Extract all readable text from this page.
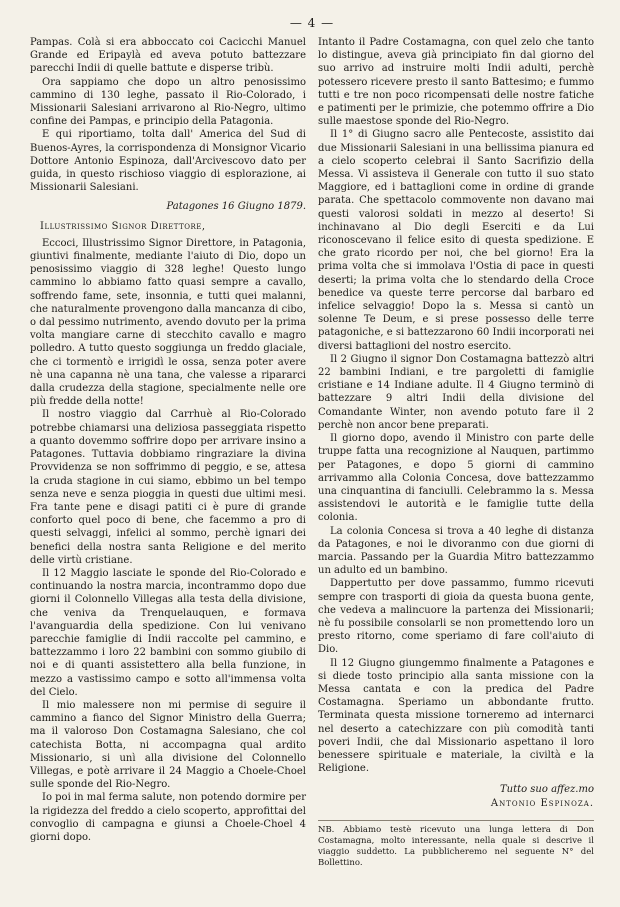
— 4 —

Pampas. Colà si era abboccato coi Cacicchi Manuel Grande ed Eripaylà ed aveva potuto battezzare parecchi Indii di quelle battute e disperse tribù.

Ora sappiamo che dopo un altro penosissimo cammino di 130 leghe, passato il Rio-Colorado, i Missionarii Salesiani arrivarono al Rio-Negro, ultimo confine dei Pampas, e principio della Patagonia.

E qui riportiamo, tolta dall' America del Sud di Buenos-Ayres, la corrispondenza di Monsignor Vicario Dottore Antonio Espinoza, dall'Arcivescovo dato per guida, in questo rischioso viaggio di esplorazione, ai Missionarii Salesiani.

Patagones 16 Giugno 1879.

Illustrissimo Signor Direttore,

Eccoci, Illustrissimo Signor Direttore, in Patagonia, giuntivi finalmente, mediante l'aiuto di Dio, dopo un penosissimo viaggio di 328 leghe! Questo lungo cammino lo abbiamo fatto quasi sempre a cavallo, soffrendo fame, sete, insonnia, e tutti quei malanni, che naturalmente provengono dalla mancanza di cibo, o dal pessimo nutrimento, avendo dovuto per la prima volta mangiare carne di stecchito cavallo e magro polledro. A tutto questo soggiunga un freddo glaciale, che ci tormentò e irrigidì le ossa, senza poter avere nè una capanna nè una tana, che valesse a ripararci dalla crudezza della stagione, specialmente nelle ore più fredde della notte!

Il nostro viaggio dal Carrhuè al Rio-Colorado potrebbe chiamarsi una deliziosa passeggiata rispetto a quanto dovemmo soffrire dopo per arrivare insino a Patagones. Tuttavia dobbiamo ringraziare la divina Provvidenza se non soffrimmo di peggio, e se, attesa la cruda stagione in cui siamo, ebbimo un bel tempo senza neve e senza pioggia in questi due ultimi mesi. Fra tante pene e disagi patiti ci è pure di grande conforto quel poco di bene, che facemmo a pro di questi selvaggi, infelici al sommo, perchè ignari dei benefici della nostra santa Religione e del merito delle virtù cristiane.

Il 12 Maggio lasciate le sponde del Rio-Colorado e continuando la nostra marcia, incontrammo dopo due giorni il Colonnello Villegas alla testa della divisione, che veniva da Trenquelauquen, e formava l'avanguardia della spedizione. Con lui venivano parecchie famiglie di Indii raccolte pel cammino, e battezzammo i loro 22 bambini con sommo giubilo di noi e di quanti assistettero alla bella funzione, in mezzo a vastissimo campo e sotto all'immensa volta del Cielo.

Il mio malessere non mi permise di seguire il cammino a fianco del Signor Ministro della Guerra; ma il valoroso Don Costamagna Salesiano, che col catechista Botta, ni accompagna qual ardito Missionario, si unì alla divisione del Colonnello Villegas, e potè arrivare il 24 Maggio a Choele-Choel sulle sponde del Rio-Negro.

Io poi in mal ferma salute, non potendo dormire per la rigidezza del freddo a cielo scoperto, approfittai del convoglio di campagna e giunsi a Choele-Choel 4 giorni dopo.

Intanto il Padre Costamagna, con quel zelo che tanto lo distingue, aveva già principiato fin dal giorno del suo arrivo ad instruire molti Indii adulti, perchè potessero ricevere presto il santo Battesimo; e fummo tutti e tre non poco ricompensati delle nostre fatiche e patimenti per le primizie, che potemmo offrire a Dio sulle maestose sponde del Rio-Negro.

Il 1° di Giugno sacro alle Pentecoste, assistito dai due Missionarii Salesiani in una bellissima pianura ed a cielo scoperto celebrai il Santo Sacrifizio della Messa. Vi assisteva il Generale con tutto il suo stato Maggiore, ed i battaglioni come in ordine di grande parata. Che spettacolo commovente non davano mai questi valorosi soldati in mezzo al deserto! Si inchinavano al Dio degli Eserciti e da Lui riconoscevano il felice esito di questa spedizione. E che grato ricordo per noi, che bel giorno! Era la prima volta che si immolava l'Ostia di pace in questi deserti; la prima volta che lo stendardo della Croce benedice va queste terre percorse dal barbaro ed infelice selvaggio! Dopo la s. Messa si cantò un solenne Te Deum, e si prese possesso delle terre patagoniche, e si battezzarono 60 Indii incorporati nei diversi battaglioni del nostro esercito.

Il 2 Giugno il signor Don Costamagna battezzò altri 22 bambini Indiani, e tre pargoletti di famiglie cristiane e 14 Indiane adulte. Il 4 Giugno terminò di battezzare 9 altri Indii della divisione del Comandante Winter, non avendo potuto fare il 2 perchè non ancor bene preparati.

Il giorno dopo, avendo il Ministro con parte delle truppe fatta una recognizione al Nauquen, partimmo per Patagones, e dopo 5 giorni di cammino arrivammo alla Colonia Concesa, dove battezzammo una cinquantina di fanciulli. Celebrammo la s. Messa assistendovi le autorità e le famiglie tutte della colonia.

La colonia Concesa si trova a 40 leghe di distanza da Patagones, e noi le divoranmo con due giorni di marcia. Passando per la Guardia Mitro battezzammo un adulto ed un bambino.

Dappertutto per dove passammo, fummo ricevuti sempre con trasporti di gioia da questa buona gente, che vedeva a malincuore la partenza dei Missionarii; nè fu possibile consolarli se non promettendo loro un presto ritorno, come speriamo di fare coll'aiuto di Dio.

Il 12 Giugno giungemmo finalmente a Patagones e si diede tosto principio alla santa missione con la Messa cantata e con la predica del Padre Costamagna. Speriamo un abbondante frutto. Terminata questa missione torneremo ad internarci nel deserto a catechizzare con più comodità tanti poveri Indii, che dal Missionario aspettano il loro benessere spirituale e materiale, la civiltà e la Religione.

Tutto suo affez.mo

Antonio Espinoza.

NB. Abbiamo testè ricevuto una lunga lettera di Don Costamagna, molto interessante, nella quale si descrive il viaggio suddetto. La pubblicheremo nel seguente N° del Bollettino.
